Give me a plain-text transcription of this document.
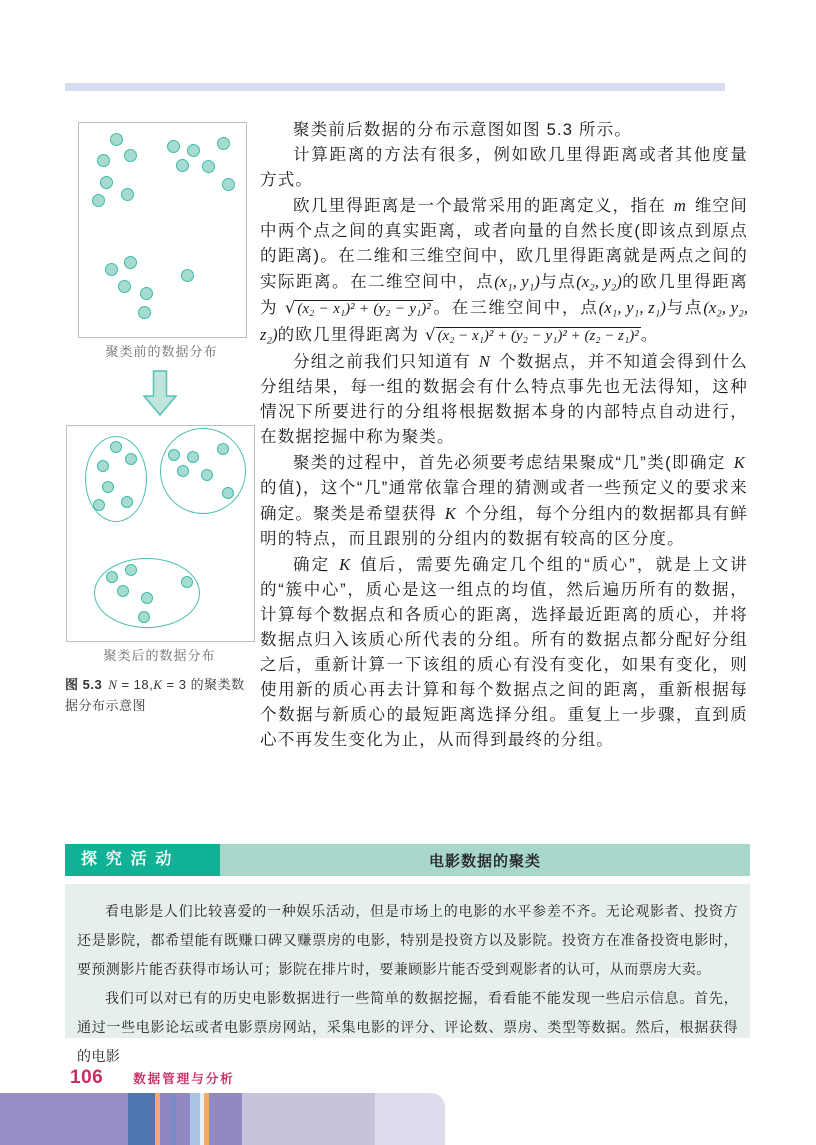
聚类前的数据分布
聚类后的数据分布
图 5.3 N = 18,K = 3 的聚类数据分布示意图

聚类前后数据的分布示意图如图 5.3 所示。

计算距离的方法有很多，例如欧几里得距离或者其他度量方式。

欧几里得距离是一个最常采用的距离定义，指在 m 维空间中两个点之间的真实距离，或者向量的自然长度(即该点到原点的距离)。在二维和三维空间中，欧几里得距离就是两点之间的实际距离。在二维空间中，点(x₁, y₁)与点(x₂, y₂)的欧几里得距离为 √ (x₂ − x₁)² + (y₂ − y₁)² 。在三维空间中，点(x₁, y₁, z₁)与点(x₂, y₂, z₂)的欧几里得距离为 √ (x₂ − x₁)² + (y₂ − y₁)² + (z₂ − z₁)² 。

分组之前我们只知道有 N 个数据点，并不知道会得到什么分组结果，每一组的数据会有什么特点事先也无法得知，这种情况下所要进行的分组将根据数据本身的内部特点自动进行，在数据挖掘中称为聚类。

聚类的过程中，首先必须要考虑结果聚成“几”类(即确定 K 的值)，这个“几”通常依靠合理的猜测或者一些预定义的要求来确定。聚类是希望获得 K 个分组，每个分组内的数据都具有鲜明的特点，而且跟别的分组内的数据有较高的区分度。

确定 K 值后，需要先确定几个组的“质心”，就是上文讲的“簇中心”，质心是这一组点的均值，然后遍历所有的数据，计算每个数据点和各质心的距离，选择最近距离的质心，并将数据点归入该质心所代表的分组。所有的数据点都分配好分组之后，重新计算一下该组的质心有没有变化，如果有变化，则使用新的质心再去计算和每个数据点之间的距离，重新根据每个数据与新质心的最短距离选择分组。重复上一步骤，直到质心不再发生变化为止，从而得到最终的分组。

探究活动	电影数据的聚类

看电影是人们比较喜爱的一种娱乐活动，但是市场上的电影的水平参差不齐。无论观影者、投资方还是影院，都希望能有既赚口碑又赚票房的电影，特别是投资方以及影院。投资方在准备投资电影时，要预测影片能否获得市场认可；影院在排片时，要兼顾影片能否受到观影者的认可，从而票房大卖。

我们可以对已有的历史电影数据进行一些简单的数据挖掘，看看能不能发现一些启示信息。首先，通过一些电影论坛或者电影票房网站，采集电影的评分、评论数、票房、类型等数据。然后，根据获得的电影

106 数据管理与分析
